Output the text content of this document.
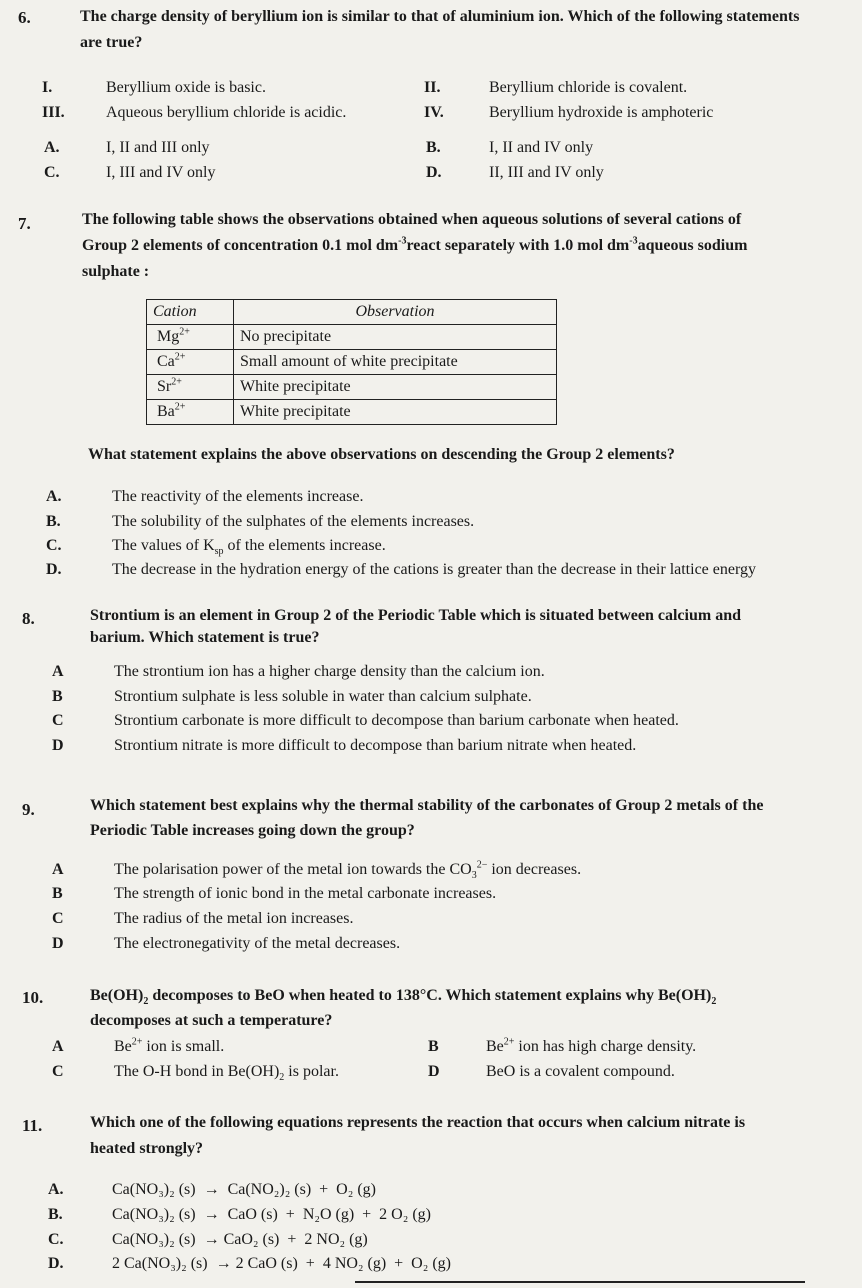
6.	The charge density of beryllium ion is similar to that of aluminium ion. Which of the following statements are true?
I.	Beryllium oxide is basic.	II.	Beryllium chloride is covalent.
III.	Aqueous beryllium chloride is acidic.	IV.	Beryllium hydroxide is amphoteric
A.	I, II and III only	B.	I, II and IV only
C.	I, III and IV only	D.	II, III and IV only
7.	The following table shows the observations obtained when aqueous solutions of several cations of
Group 2 elements of concentration 0.1 mol $dm^{-3}react$ separately with 1.0 mol $dm^{-3}aqueous$ sodium
sulphate :
Cation	Observation
$Mg^{2+}$	No precipitate
$Ca^{2+}$	Small amount of white precipitate
$Sr^{2+}$	White precipitate
$Ba^{2+}$	White precipitate
What statement explains the above observations on descending the Group 2 elements?
A.	The reactivity of the elements increase.
B.	The solubility of the sulphates of the elements increases.
C.	The values of $K_{sp}$ of the elements increase.
D.	The decrease in the hydration energy of the cations is greater than the decrease in their lattice energy
8.	Strontium is an element in Group 2 of the Periodic Table which is situated between calcium and
barium. Which statement is true?
A	The strontium ion has a higher charge density than the calcium ion.
B	Strontium sulphate is less soluble in water than calcium sulphate.
C	Strontium carbonate is more difficult to decompose than barium carbonate when heated.
D	Strontium nitrate is more difficult to decompose than barium nitrate when heated.
9.	Which statement best explains why the thermal stability of the carbonates of Group 2 metals of the
Periodic Table increases going down the group?
A	The polarisation power of the metal ion towards the $CO_3^{2-}$ ion decreases.
B	The strength of ionic bond in the metal carbonate increases.
C	The radius of the metal ion increases.
D	The electronegativity of the metal decreases.
10.	$Be(OH)_2$ decomposes to BeO when heated to 138°C. Which statement explains why $Be(OH)_2$
decomposes at such a temperature?
A	$Be^{2+}$ ion is small.	B	$Be^{2+}$ ion has high charge density.
C	The O-H bond in $Be(OH)_2$ is polar.	D	BeO is a covalent compound.
11.	Which one of the following equations represents the reaction that occurs when calcium nitrate is
heated strongly?
A.	Ca(NO₃)₂ (s)  →  Ca(NO₂)₂ (s)  +  O₂ (g)
B.	Ca(NO₃)₂ (s)  →  CaO (s)  +  N₂O (g)  +  2 O₂ (g)
C.	Ca(NO₃)₂ (s)  → CaO₂ (s)  +  2 NO₂ (g)
D.	2 Ca(NO₃)₂ (s)  → 2 CaO (s)  +  4 NO₂ (g)  +  O₂ (g)
